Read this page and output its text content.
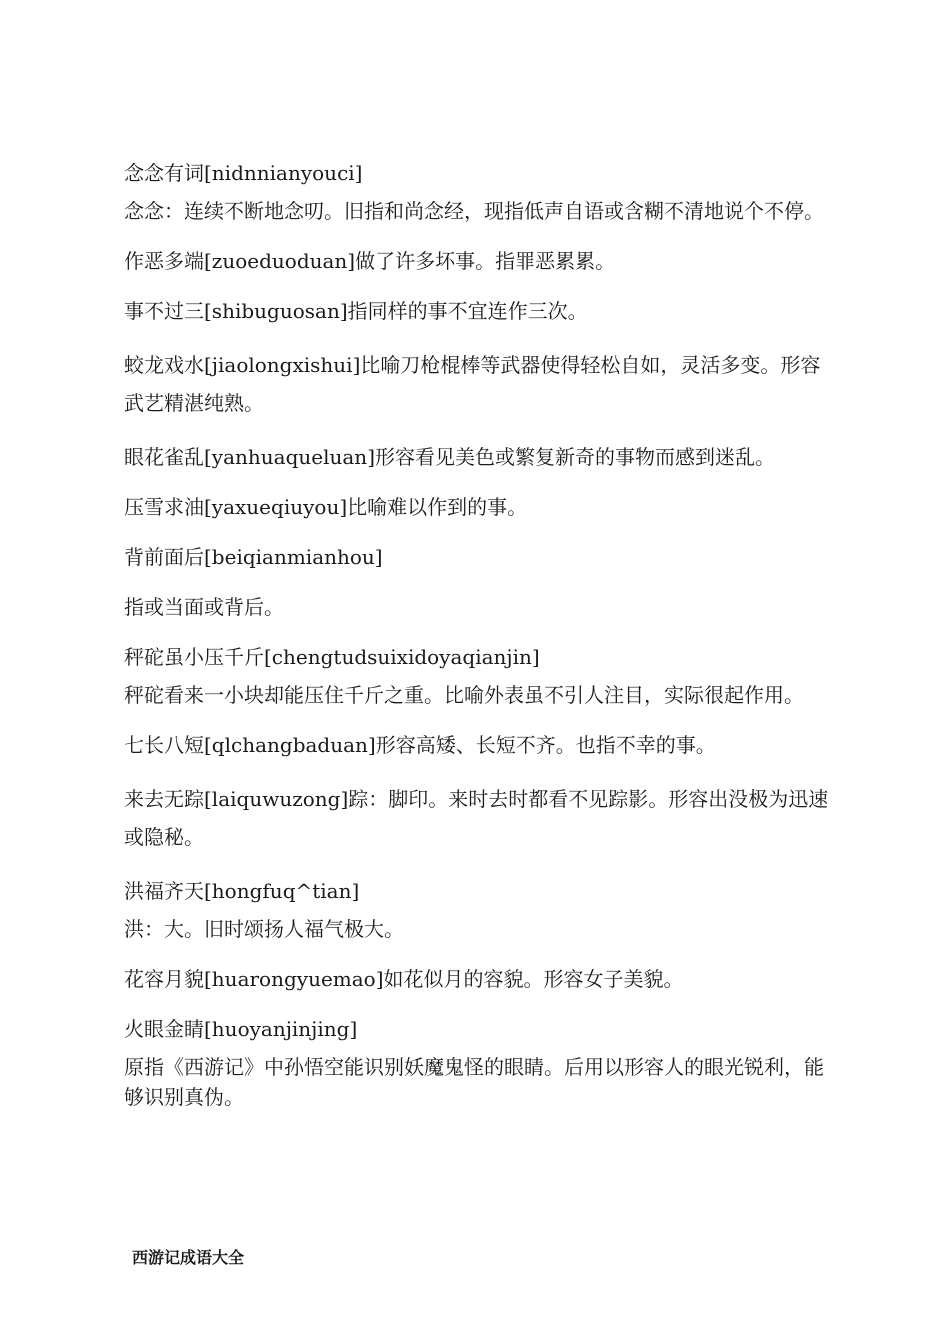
念念有词[nidnnianyouci]

念念：连续不断地念叨。旧指和尚念经，现指低声自语或含糊不清地说个不停。

作恶多端[zuoeduoduan]做了许多坏事。指罪恶累累。

事不过三[shibuguosan]指同样的事不宜连作三次。

蛟龙戏水[jiaolongxishui]比喻刀枪棍棒等武器使得轻松自如，灵活多变。形容武艺精湛纯熟。

眼花雀乱[yanhuaqueluan]形容看见美色或繁复新奇的事物而感到迷乱。

压雪求油[yaxueqiuyou]比喻难以作到的事。

背前面后[beiqianmianhou]

指或当面或背后。

秤砣虽小压千斤[chengtudsuixidoyaqianjin]

秤砣看来一小块却能压住千斤之重。比喻外表虽不引人注目，实际很起作用。

七长八短[qlchangbaduan]形容高矮、长短不齐。也指不幸的事。

来去无踪[laiquwuzong]踪：脚印。来时去时都看不见踪影。形容出没极为迅速或隐秘。

洪福齐天[hongfuq^tian]

洪：大。旧时颂扬人福气极大。

花容月貌[huarongyuemao]如花似月的容貌。形容女子美貌。

火眼金睛[huoyanjinjing]

原指《西游记》中孙悟空能识别妖魔鬼怪的眼睛。后用以形容人的眼光锐利，能够识别真伪。

西游记成语大全
